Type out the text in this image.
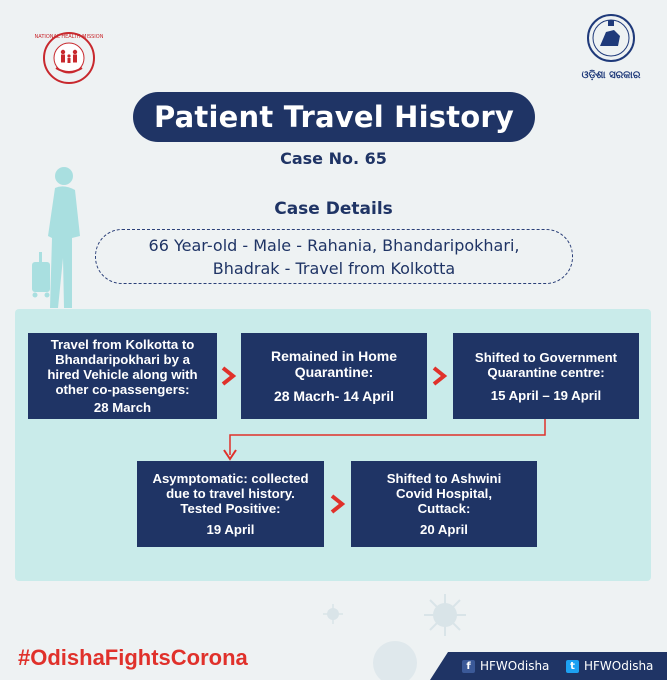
NATIONAL HEALTH MISSION
ଓଡ଼ିଶା ସରକାର
Patient Travel History
Case No. 65
Case Details
66 Year-old - Male - Rahania, Bhandaripokhari,
Bhadrak - Travel from Kolkotta
Travel from Kolkotta to
Bhandaripokhari by a
hired Vehicle along with
other co-passengers:
28 March
Remained in Home
Quarantine:
28 Macrh- 14 April
Shifted to Government
Quarantine centre:
15 April – 19 April
Asymptomatic: collected
due to travel history.
Tested Positive:
19 April
Shifted to Ashwini
Covid Hospital,
Cuttack:
20 April
#OdishaFightsCorona	f HFWOdisha	t HFWOdisha
